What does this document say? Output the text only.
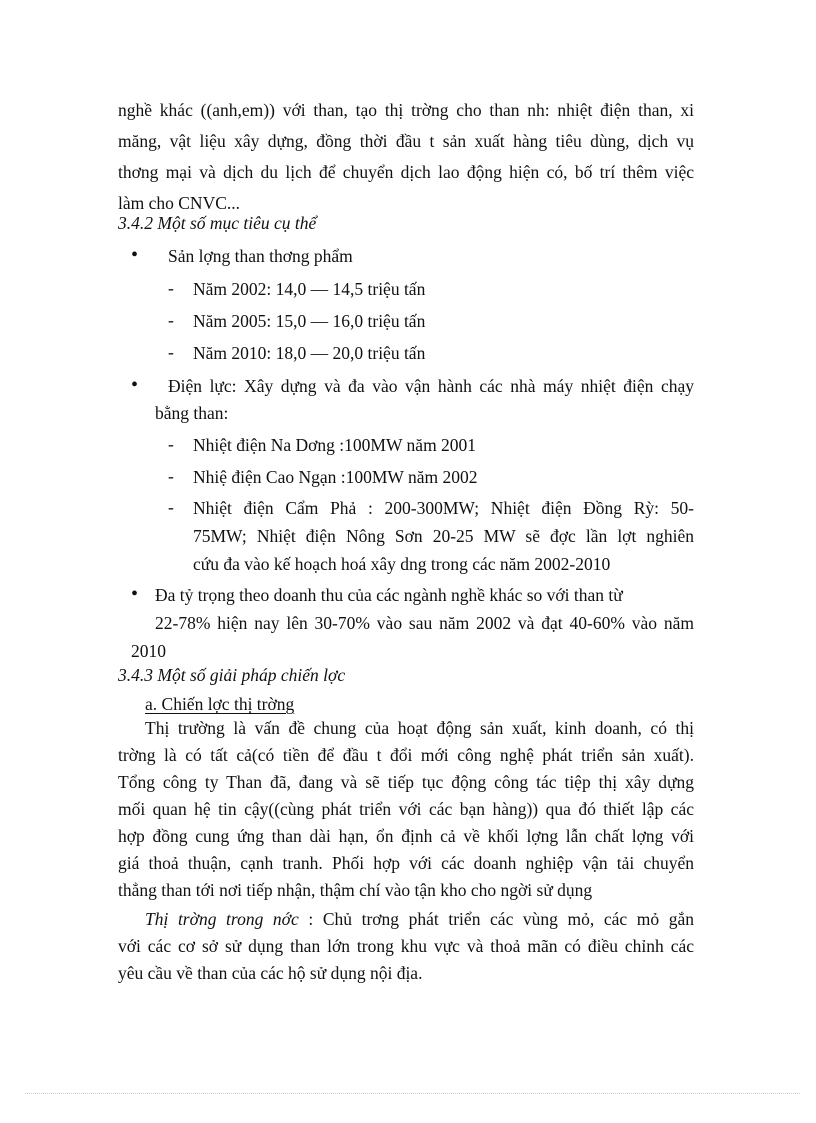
nghề khác ((anh,em)) với than, tạo thị trờng cho than nh: nhiệt điện than, xi
măng, vật liệu xây dựng, đồng thời đầu t sản xuất hàng tiêu dùng, dịch vụ
thơng mại và dịch du lịch để chuyển dịch lao động hiện có, bố trí thêm việc
làm cho CNVC...
3.4.2 Một số mục tiêu cụ thể
• Sản lợng than thơng phẩm
- Năm 2002: 14,0 — 14,5 triệu tấn
- Năm 2005: 15,0 — 16,0 triệu tấn
- Năm 2010: 18,0 — 20,0 triệu tấn
• Điện lực: Xây dựng và đa vào vận hành các nhà máy nhiệt điện chạy
bằng than:
- Nhiệt điện Na Dơng :100MW năm 2001
- Nhiệ điện Cao Ngạn :100MW năm 2002
- Nhiệt điện Cẩm Phả : 200-300MW; Nhiệt điện Đồng Rỳ: 50-
75MW; Nhiệt điện Nông Sơn 20-25 MW sẽ đợc lần lợt nghiên
cứu đa vào kế hoạch hoá xây dng trong các năm 2002-2010
• Đa tỷ trọng theo doanh thu của các ngành nghề khác so với than từ
22-78% hiện nay lên 30-70% vào sau năm 2002 và đạt 40-60% vào năm
2010
3.4.3 Một số giải pháp chiến lợc
a. Chiến lợc thị trờng
Thị trường là vấn đề chung của hoạt động sản xuất, kinh doanh, có thị
trờng là có tất cả(có tiền để đầu t đổi mới công nghệ phát triển sản xuất).
Tổng công ty Than đã, đang và sẽ tiếp tục động công tác tiệp thị xây dựng
mối quan hệ tin cậy((cùng phát triển với các bạn hàng)) qua đó thiết lập các
hợp đồng cung ứng than dài hạn, ổn định cả về khối lợng lẫn chất lợng với
giá thoả thuận, cạnh tranh. Phối hợp với các doanh nghiệp vận tải chuyển
thẳng than tới nơi tiếp nhận, thậm chí vào tận kho cho ngời sử dụng
Thị trờng trong nớc : Chủ trơng phát triển các vùng mỏ, các mỏ gắn
với các cơ sở sử dụng than lớn trong khu vực và thoả mãn có điều chỉnh các
yêu cầu về than của các hộ sử dụng nội địa.
